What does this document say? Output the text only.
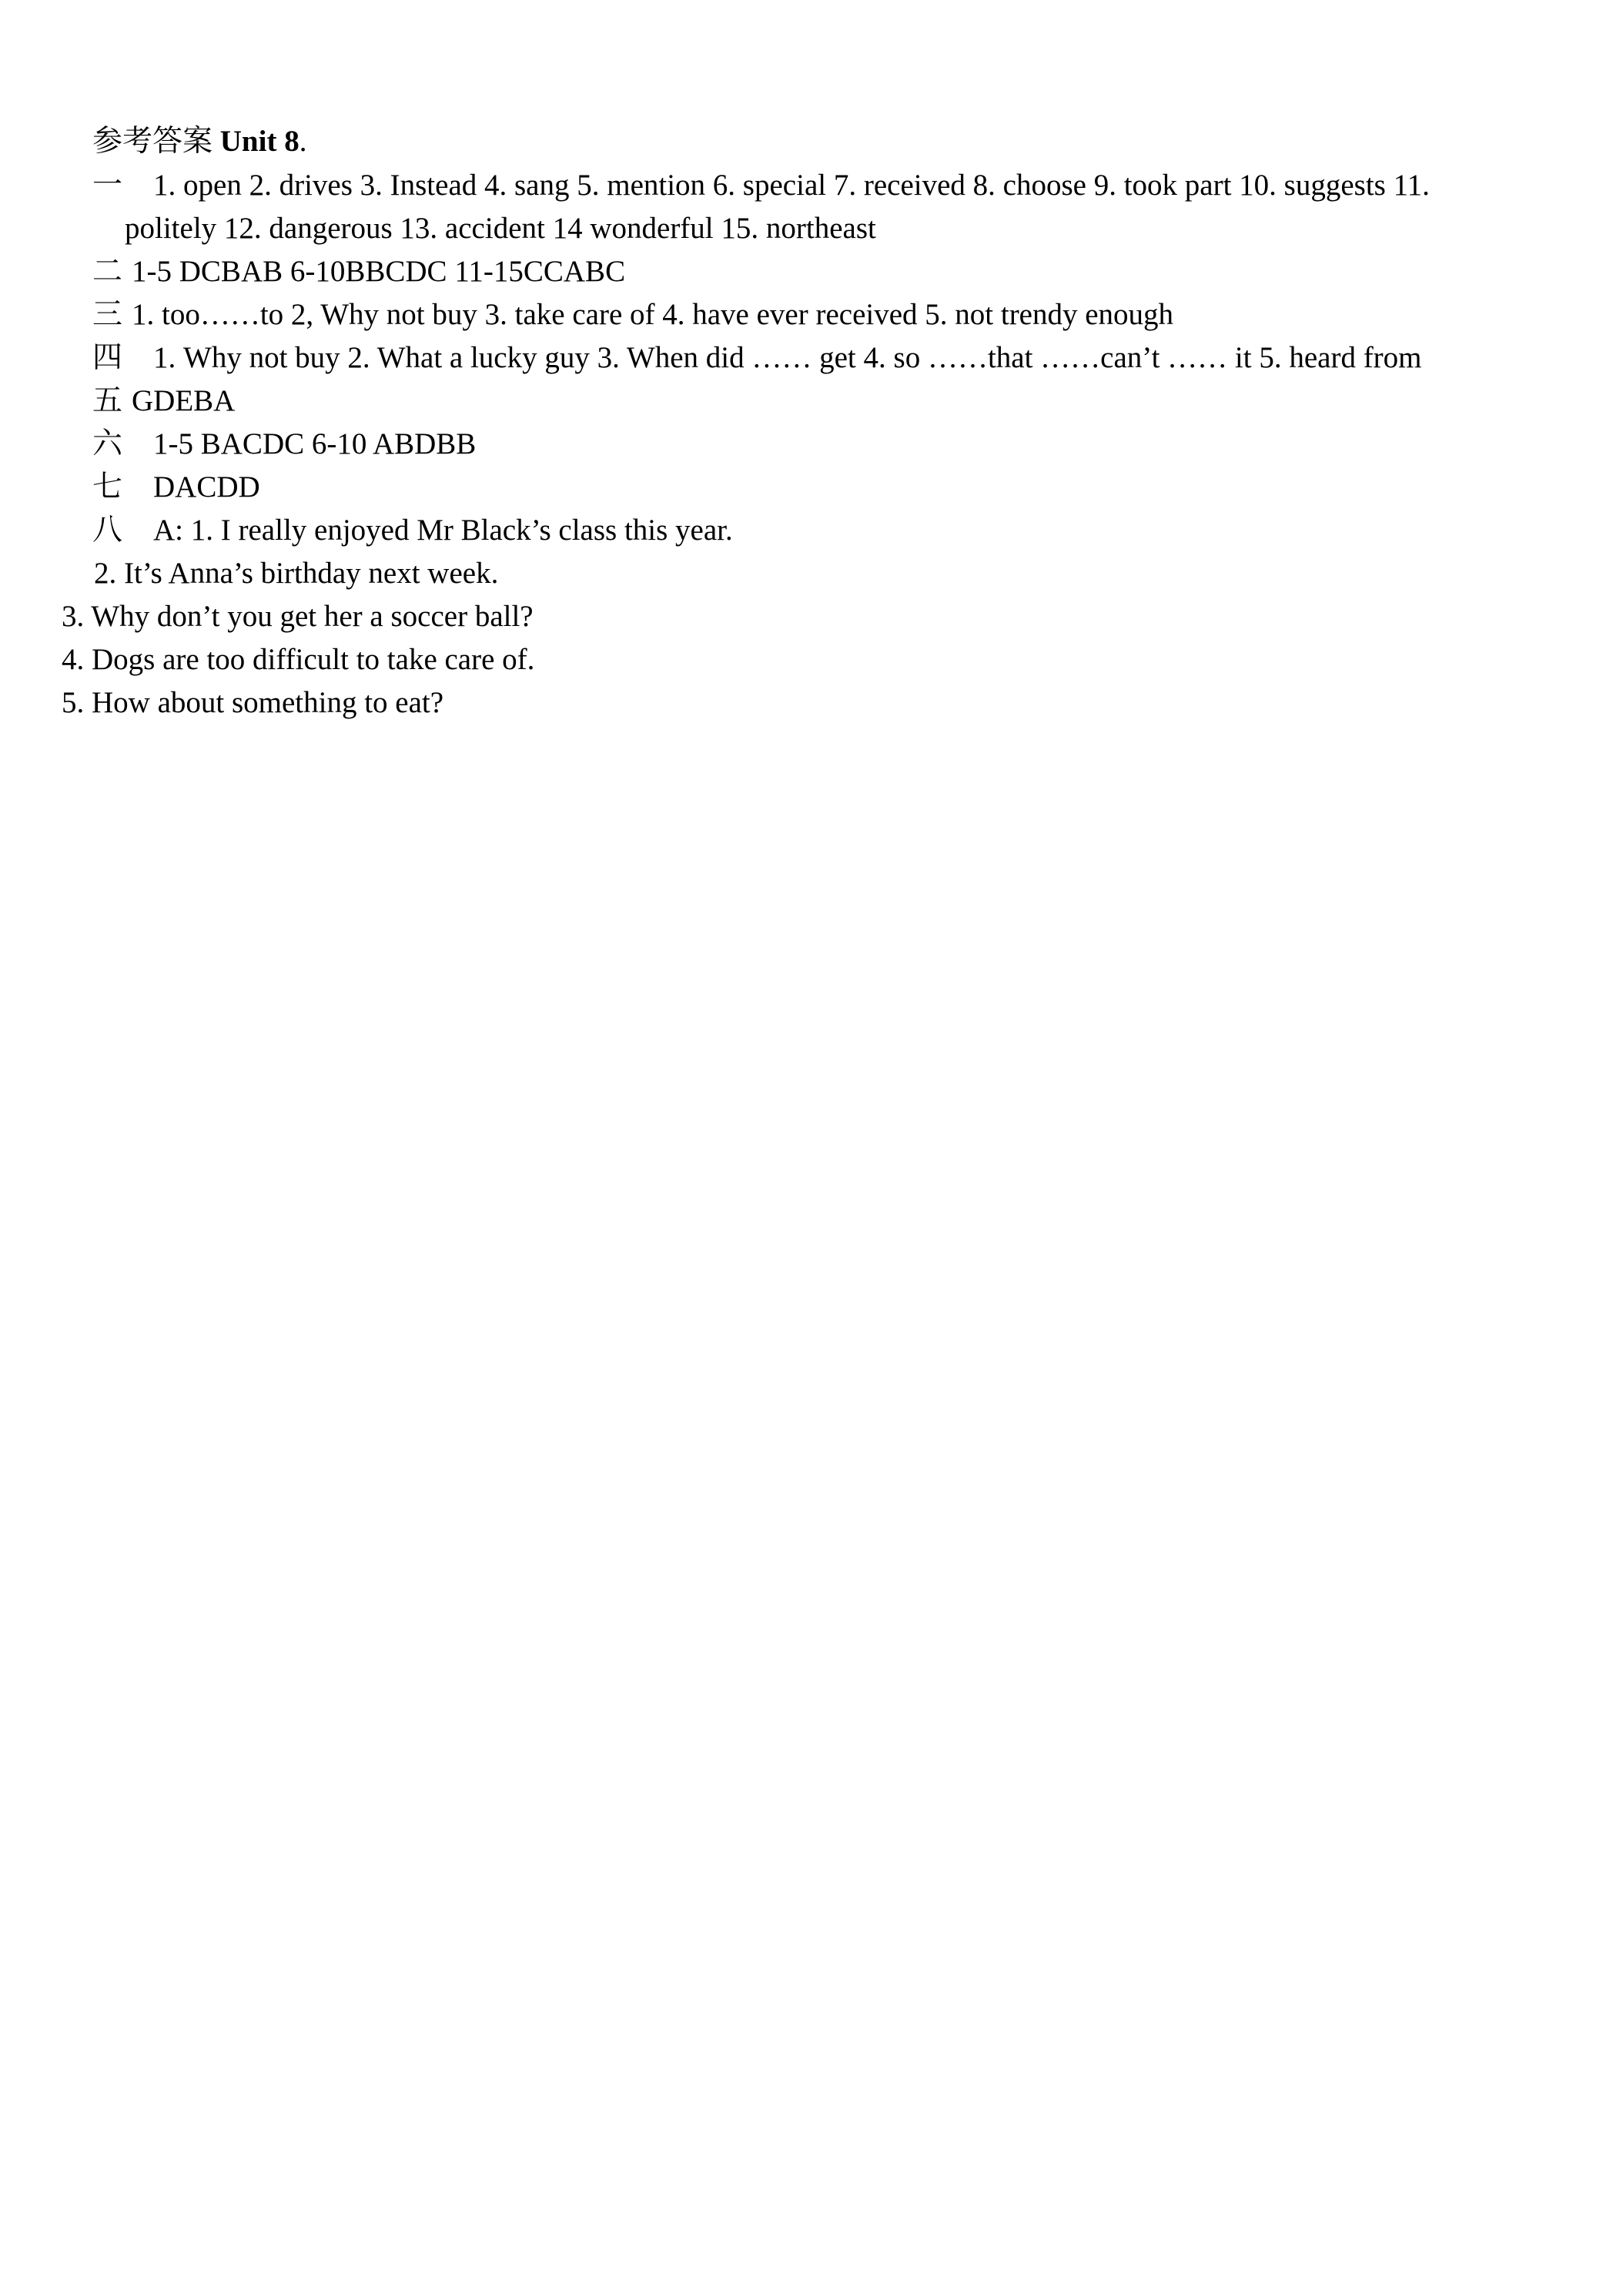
参考答案 Unit 8.
一 1. open 2. drives 3. Instead 4. sang 5. mention 6. special 7. received 8. choose 9. took part 10. suggests 11.
politely 12. dangerous 13. accident 14 wonderful 15. northeast
二 1-5 DCBAB 6-10BBCDC 11-15CCABC
三 1. too……to 2, Why not buy 3. take care of 4. have ever received 5. not trendy enough
四 1. Why not buy 2. What a lucky guy 3. When did …… get 4. so ……that ……can’t …… it 5. heard from
五 GDEBA
六 1-5 BACDC 6-10 ABDBB
七 DACDD
八 A: 1. I really enjoyed Mr Black’s class this year.
2. It’s Anna’s birthday next week.
3. Why don’t you get her a soccer ball?
4. Dogs are too difficult to take care of.
5. How about something to eat?
